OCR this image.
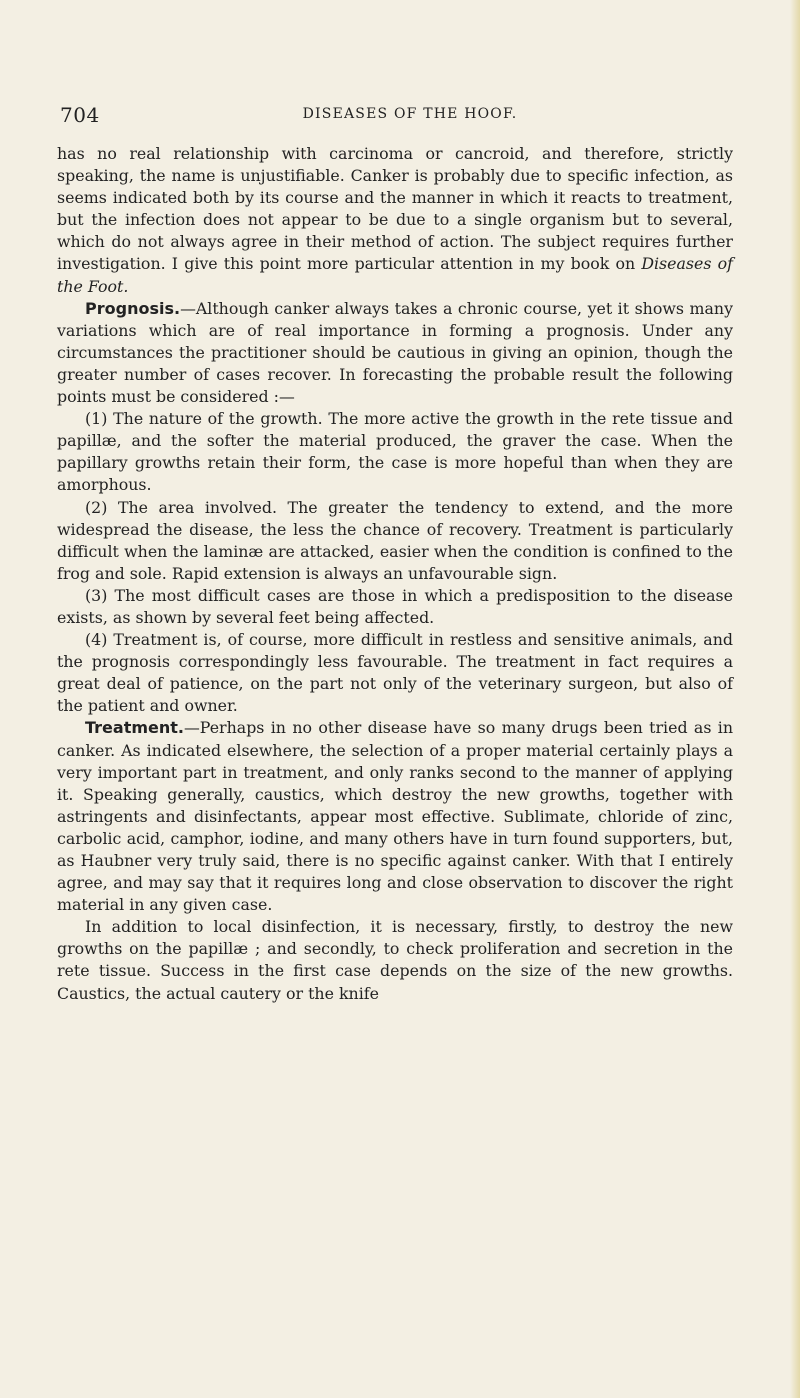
704	DISEASES OF THE HOOF.

has no real relationship with carcinoma or cancroid, and therefore, strictly speaking, the name is unjustifiable. Canker is probably due to specific infection, as seems indicated both by its course and the manner in which it reacts to treatment, but the infection does not appear to be due to a single organism but to several, which do not always agree in their method of action. The subject requires further investigation. I give this point more particular attention in my book on Diseases of the Foot.

Prognosis.—Although canker always takes a chronic course, yet it shows many variations which are of real importance in forming a prognosis. Under any circumstances the practitioner should be cautious in giving an opinion, though the greater number of cases recover. In forecasting the probable result the following points must be considered :—

(1) The nature of the growth. The more active the growth in the rete tissue and papillæ, and the softer the material produced, the graver the case. When the papillary growths retain their form, the case is more hopeful than when they are amorphous.

(2) The area involved. The greater the tendency to extend, and the more widespread the disease, the less the chance of recovery. Treatment is particularly difficult when the laminæ are attacked, easier when the condition is confined to the frog and sole. Rapid extension is always an unfavourable sign.

(3) The most difficult cases are those in which a predisposition to the disease exists, as shown by several feet being affected.

(4) Treatment is, of course, more difficult in restless and sensitive animals, and the prognosis correspondingly less favourable. The treatment in fact requires a great deal of patience, on the part not only of the veterinary surgeon, but also of the patient and owner.

Treatment.—Perhaps in no other disease have so many drugs been tried as in canker. As indicated elsewhere, the selection of a proper material certainly plays a very important part in treatment, and only ranks second to the manner of applying it. Speaking generally, caustics, which destroy the new growths, together with astringents and disinfectants, appear most effective. Sublimate, chloride of zinc, carbolic acid, camphor, iodine, and many others have in turn found supporters, but, as Haubner very truly said, there is no specific against canker. With that I entirely agree, and may say that it requires long and close observation to discover the right material in any given case.

In addition to local disinfection, it is necessary, firstly, to destroy the new growths on the papillæ ; and secondly, to check proliferation and secretion in the rete tissue. Success in the first case depends on the size of the new growths. Caustics, the actual cautery or the knife
